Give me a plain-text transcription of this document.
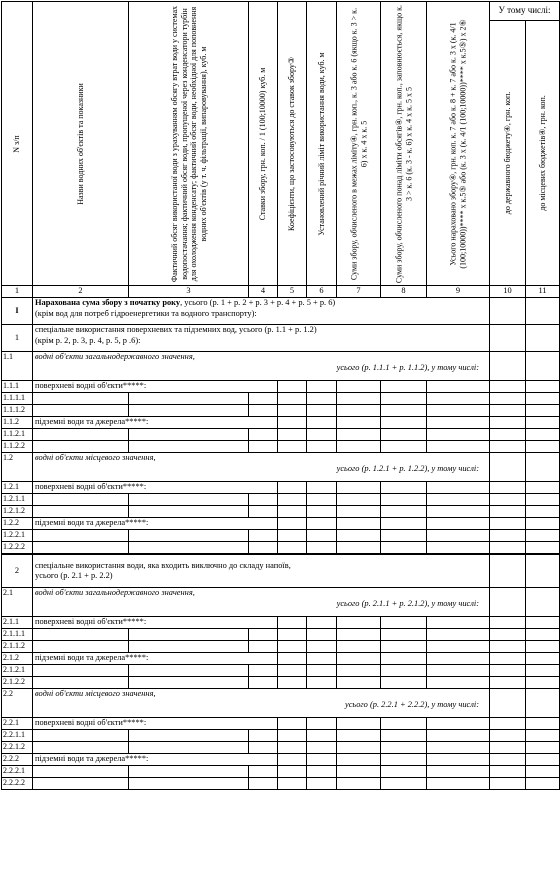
N з/п	Назви водних об'єктів та показники	Фактичний обсяг використаної води з урахуванням обсягу втрат води у системах водопостачання; фактичний обсяг води, пропущеної через конденсатори турбін для охолодження конденсату; фактичний обсяг води, необхідної для поповнення водних об'єктів (у т. ч. фільтрації, випаровування), куб. м	Ставки збору, грн. коп. / 1 (100;10000) куб. м	Коефіцієнти, що застосовуються до ставок збору③	Установлений річний ліміт використання води, куб. м	Суми збору, обчисленого в межах ліміту④, грн. коп., к. 3 або к. 6 (якщо к. 3 > к. 6) х к. 4 х к. 5	Суми збору, обчисленого понад ліміти обсягів④, грн. коп., заповнюється, якщо к. 3 > к. 6 (к. 3 - к. 6) х к. 4 х к. 5 х 5	Усього нараховано збору④, грн. коп. к. 7 або к. 8 + к. 7 або к. 3 х (к. 4/1 (100;10000))**** х к.5⑤ або (к. 3 х (к. 4/1 (100;10000))**** х к.5⑤) х 2⑥	У тому числі:	

									до державного бюджету④, грн. коп.	до місцевих бюджетів④, грн. коп.

1	2	3	4	5	6	7	8	9	10	11
I	Нарахована сума збору з початку року, усього (р. 1 + р. 2 + р. 3 + р. 4 + р. 5 + р. 6)
(крім вод для потреб гідроенергетики та водного транспорту):									
1	спеціальне використання поверхневих та підземних вод, усього (р. 1.1 + р. 1.2)
(крім р. 2, р. 3, р. 4, р. 5, р .6):									
1.1	водні об'єкти загальнодержавного значення,
усього (р. 1.1.1 + р. 1.1.2), у тому числі:									

1.1.1	поверхневі водні об'єкти*****:									
1.1.1.1										
1.1.1.2										
1.1.2	підземні води та джерела*****:									
1.1.2.1										
1.1.2.2										
1.2	водні об'єкти місцевого значення,
усього (р. 1.2.1 + р. 1.2.2), у тому числі:									

1.2.1	поверхневі водні об'єкти*****:									
1.2.1.1										
1.2.1.2										
1.2.2	підземні води та джерела*****:									
1.2.2.1										
1.2.2.2										
2	спеціальне використання води, яка входить виключно до складу напоїв,
усього (р. 2.1 + р. 2.2)									
2.1	водні об'єкти загальнодержавного значення,
усього (р. 2.1.1 + р. 2.1.2), у тому числі:									

2.1.1	поверхневі водні об'єкти*****:									
2.1.1.1										
2.1.1.2										
2.1.2	підземні води та джерела*****:									
2.1.2.1										
2.1.2.2										
2.2	водні об'єкти місцевого значення,
усього (р. 2.2.1 + 2.2.2), у тому числі:									

2.2.1	поверхневі водні об'єкти*****:									
2.2.1.1										
2.2.1.2										
2.2.2	підземні води та джерела*****:									
2.2.2.1										
2.2.2.2										
